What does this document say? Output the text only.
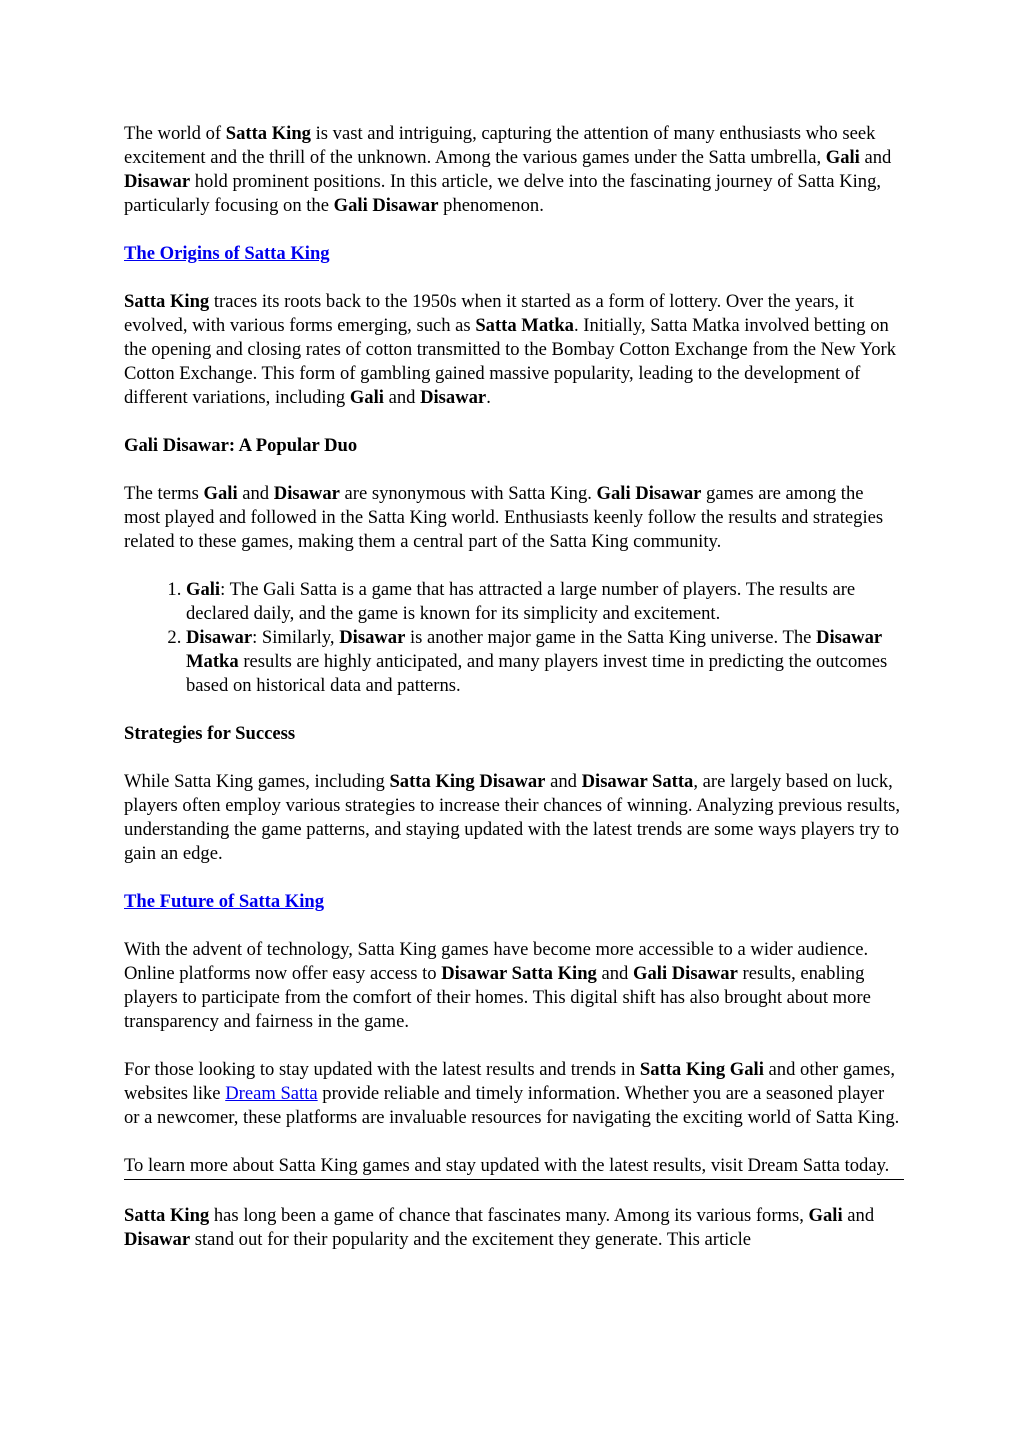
The world of Satta King is vast and intriguing, capturing the attention of many enthusiasts who seek excitement and the thrill of the unknown. Among the various games under the Satta umbrella, Gali and Disawar hold prominent positions. In this article, we delve into the fascinating journey of Satta King, particularly focusing on the Gali Disawar phenomenon.

The Origins of Satta King

Satta King traces its roots back to the 1950s when it started as a form of lottery. Over the years, it evolved, with various forms emerging, such as Satta Matka. Initially, Satta Matka involved betting on the opening and closing rates of cotton transmitted to the Bombay Cotton Exchange from the New York Cotton Exchange. This form of gambling gained massive popularity, leading to the development of different variations, including Gali and Disawar.

Gali Disawar: A Popular Duo

The terms Gali and Disawar are synonymous with Satta King. Gali Disawar games are among the most played and followed in the Satta King world. Enthusiasts keenly follow the results and strategies related to these games, making them a central part of the Satta King community.

1. Gali: The Gali Satta is a game that has attracted a large number of players. The results are declared daily, and the game is known for its simplicity and excitement.
2. Disawar: Similarly, Disawar is another major game in the Satta King universe. The Disawar Matka results are highly anticipated, and many players invest time in predicting the outcomes based on historical data and patterns.
Strategies for Success

While Satta King games, including Satta King Disawar and Disawar Satta, are largely based on luck, players often employ various strategies to increase their chances of winning. Analyzing previous results, understanding the game patterns, and staying updated with the latest trends are some ways players try to gain an edge.

The Future of Satta King

With the advent of technology, Satta King games have become more accessible to a wider audience. Online platforms now offer easy access to Disawar Satta King and Gali Disawar results, enabling players to participate from the comfort of their homes. This digital shift has also brought about more transparency and fairness in the game.

For those looking to stay updated with the latest results and trends in Satta King Gali and other games, websites like Dream Satta provide reliable and timely information. Whether you are a seasoned player or a newcomer, these platforms are invaluable resources for navigating the exciting world of Satta King.

To learn more about Satta King games and stay updated with the latest results, visit Dream Satta today.

Satta King has long been a game of chance that fascinates many. Among its various forms, Gali and Disawar stand out for their popularity and the excitement they generate. This article
